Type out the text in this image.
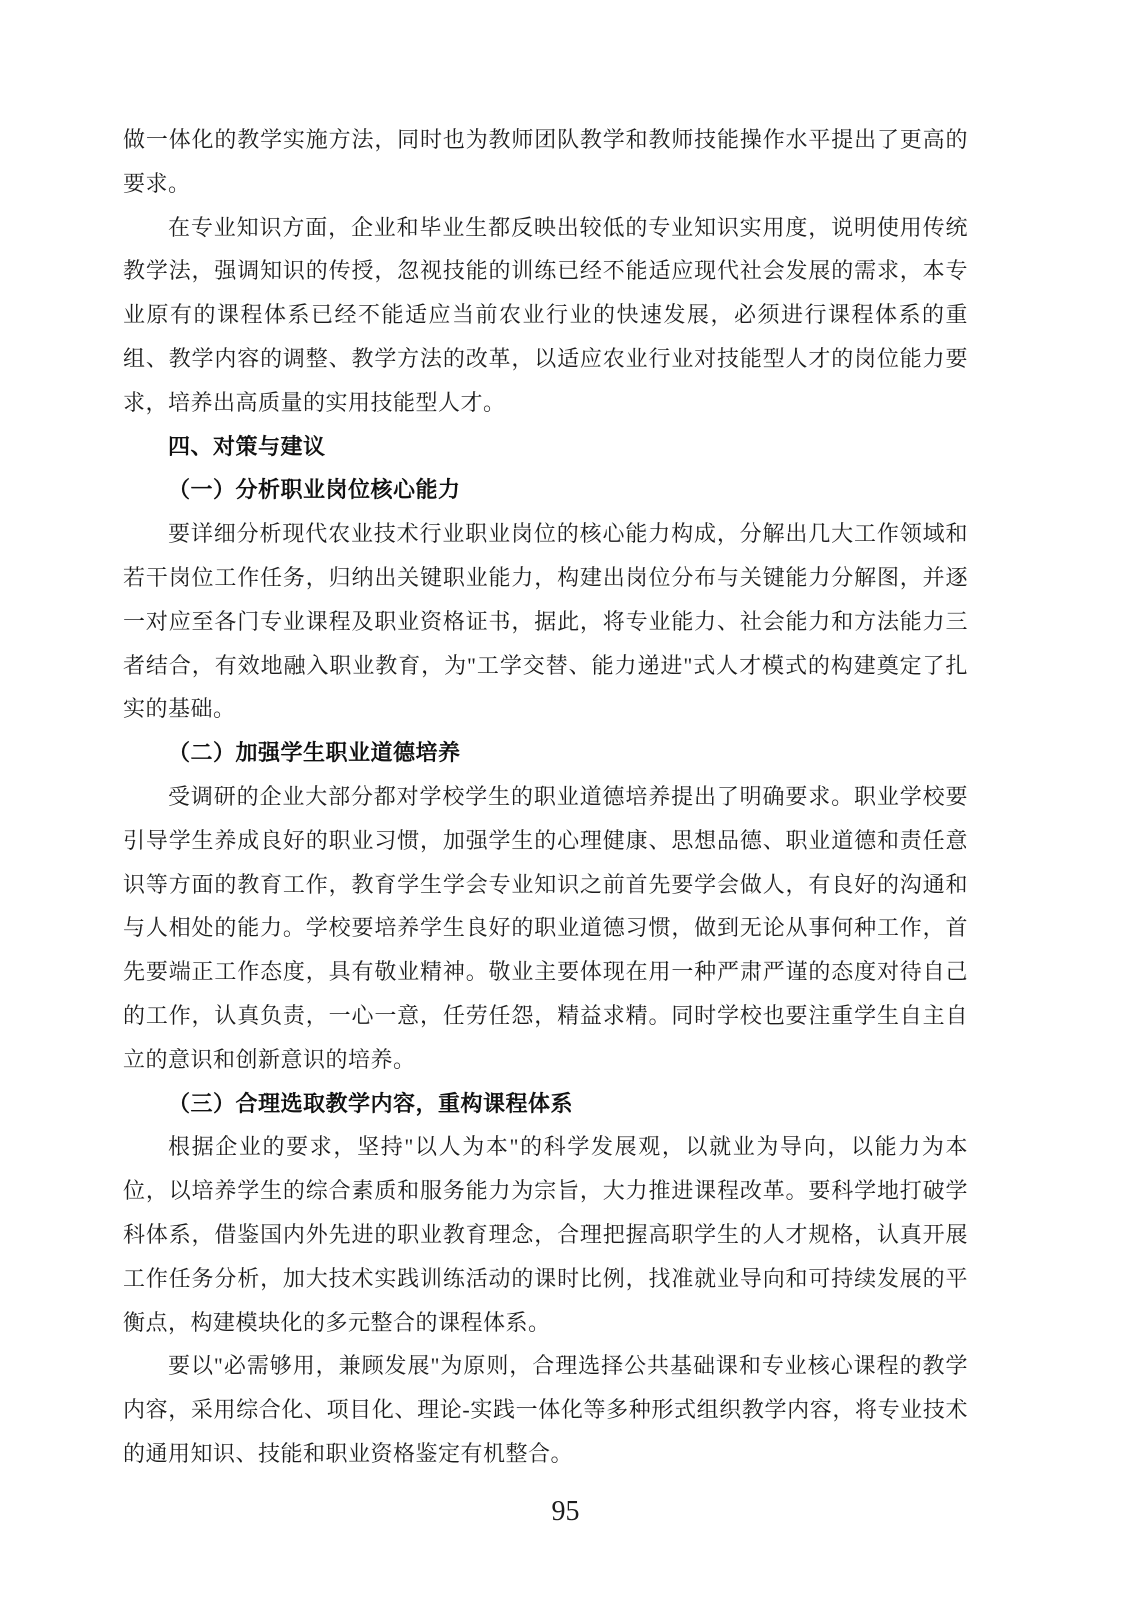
做一体化的教学实施方法，同时也为教师团队教学和教师技能操作水平提出了更高的要求。

在专业知识方面，企业和毕业生都反映出较低的专业知识实用度，说明使用传统教学法，强调知识的传授，忽视技能的训练已经不能适应现代社会发展的需求，本专业原有的课程体系已经不能适应当前农业行业的快速发展，必须进行课程体系的重组、教学内容的调整、教学方法的改革，以适应农业行业对技能型人才的岗位能力要求，培养出高质量的实用技能型人才。

四、对策与建议

（一）分析职业岗位核心能力

要详细分析现代农业技术行业职业岗位的核心能力构成，分解出几大工作领域和若干岗位工作任务，归纳出关键职业能力，构建出岗位分布与关键能力分解图，并逐一对应至各门专业课程及职业资格证书，据此，将专业能力、社会能力和方法能力三者结合，有效地融入职业教育，为"工学交替、能力递进"式人才模式的构建奠定了扎实的基础。

（二）加强学生职业道德培养

受调研的企业大部分都对学校学生的职业道德培养提出了明确要求。职业学校要引导学生养成良好的职业习惯，加强学生的心理健康、思想品德、职业道德和责任意识等方面的教育工作，教育学生学会专业知识之前首先要学会做人，有良好的沟通和与人相处的能力。学校要培养学生良好的职业道德习惯，做到无论从事何种工作，首先要端正工作态度，具有敬业精神。敬业主要体现在用一种严肃严谨的态度对待自己的工作，认真负责，一心一意，任劳任怨，精益求精。同时学校也要注重学生自主自立的意识和创新意识的培养。

（三）合理选取教学内容，重构课程体系

根据企业的要求，坚持"以人为本"的科学发展观，以就业为导向，以能力为本位，以培养学生的综合素质和服务能力为宗旨，大力推进课程改革。要科学地打破学科体系，借鉴国内外先进的职业教育理念，合理把握高职学生的人才规格，认真开展工作任务分析，加大技术实践训练活动的课时比例，找准就业导向和可持续发展的平衡点，构建模块化的多元整合的课程体系。

要以"必需够用，兼顾发展"为原则，合理选择公共基础课和专业核心课程的教学内容，采用综合化、项目化、理论-实践一体化等多种形式组织教学内容，将专业技术的通用知识、技能和职业资格鉴定有机整合。

95
